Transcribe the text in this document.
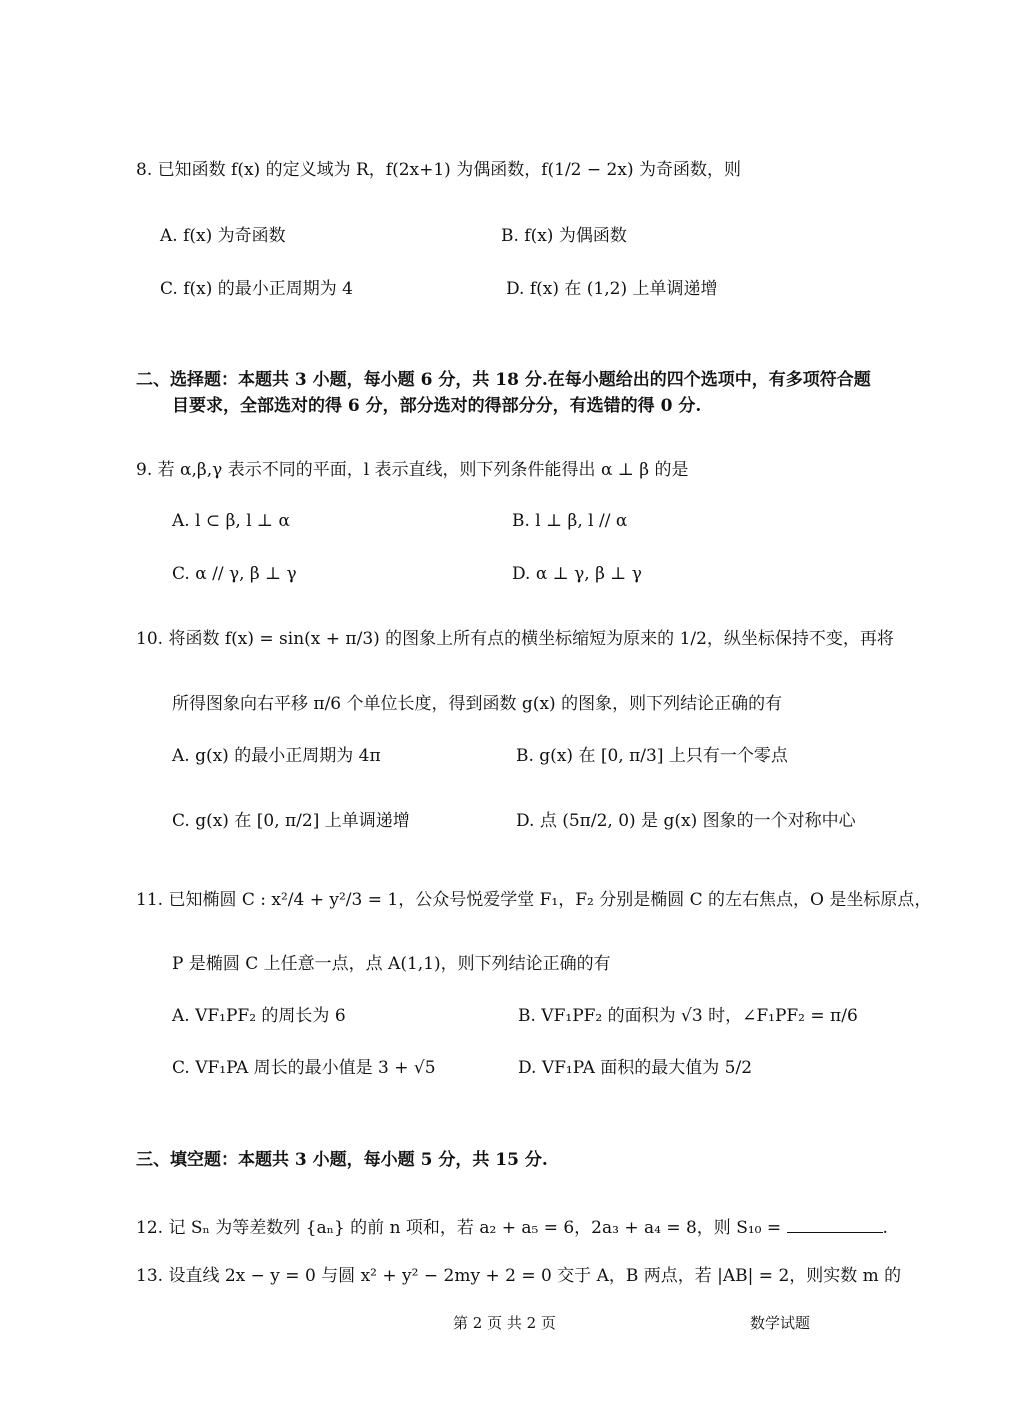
8. 已知函数 f(x) 的定义域为 R，f(2x+1) 为偶函数，f(1/2 − 2x) 为奇函数，则
A. f(x) 为奇函数	B. f(x) 为偶函数
C. f(x) 的最小正周期为 4	D. f(x) 在 (1,2) 上单调递增
二、选择题：本题共 3 小题，每小题 6 分，共 18 分.在每小题给出的四个选项中，有多项符合题
目要求，全部选对的得 6 分，部分选对的得部分分，有选错的得 0 分.
9. 若 α,β,γ 表示不同的平面，l 表示直线，则下列条件能得出 α ⊥ β 的是
A. l ⊂ β, l ⊥ α	B. l ⊥ β, l // α
C. α // γ, β ⊥ γ	D. α ⊥ γ, β ⊥ γ
10. 将函数 f(x) = sin(x + π/3) 的图象上所有点的横坐标缩短为原来的 1/2，纵坐标保持不变，再将
所得图象向右平移 π/6 个单位长度，得到函数 g(x) 的图象，则下列结论正确的有
A. g(x) 的最小正周期为 4π	B. g(x) 在 [0, π/3] 上只有一个零点
C. g(x) 在 [0, π/2] 上单调递增	D. 点 (5π/2, 0) 是 g(x) 图象的一个对称中心
11. 已知椭圆 C : x²/4 + y²/3 = 1，公众号悦爱学堂 F₁，F₂ 分别是椭圆 C 的左右焦点，O 是坐标原点，
P 是椭圆 C 上任意一点，点 A(1,1)，则下列结论正确的有
A. VF₁PF₂ 的周长为 6	B. VF₁PF₂ 的面积为 √3 时，∠F₁PF₂ = π/6
C. VF₁PA 周长的最小值是 3 + √5	D. VF₁PA 面积的最大值为 5/2
三、填空题：本题共 3 小题，每小题 5 分，共 15 分.
12. 记 Sₙ 为等差数列 {aₙ} 的前 n 项和，若 a₂ + a₅ = 6，2a₃ + a₄ = 8，则 S₁₀ =	.
13. 设直线 2x − y = 0 与圆 x² + y² − 2my + 2 = 0 交于 A，B 两点，若 |AB| = 2，则实数 m 的
第 2 页 共 2 页	数学试题
